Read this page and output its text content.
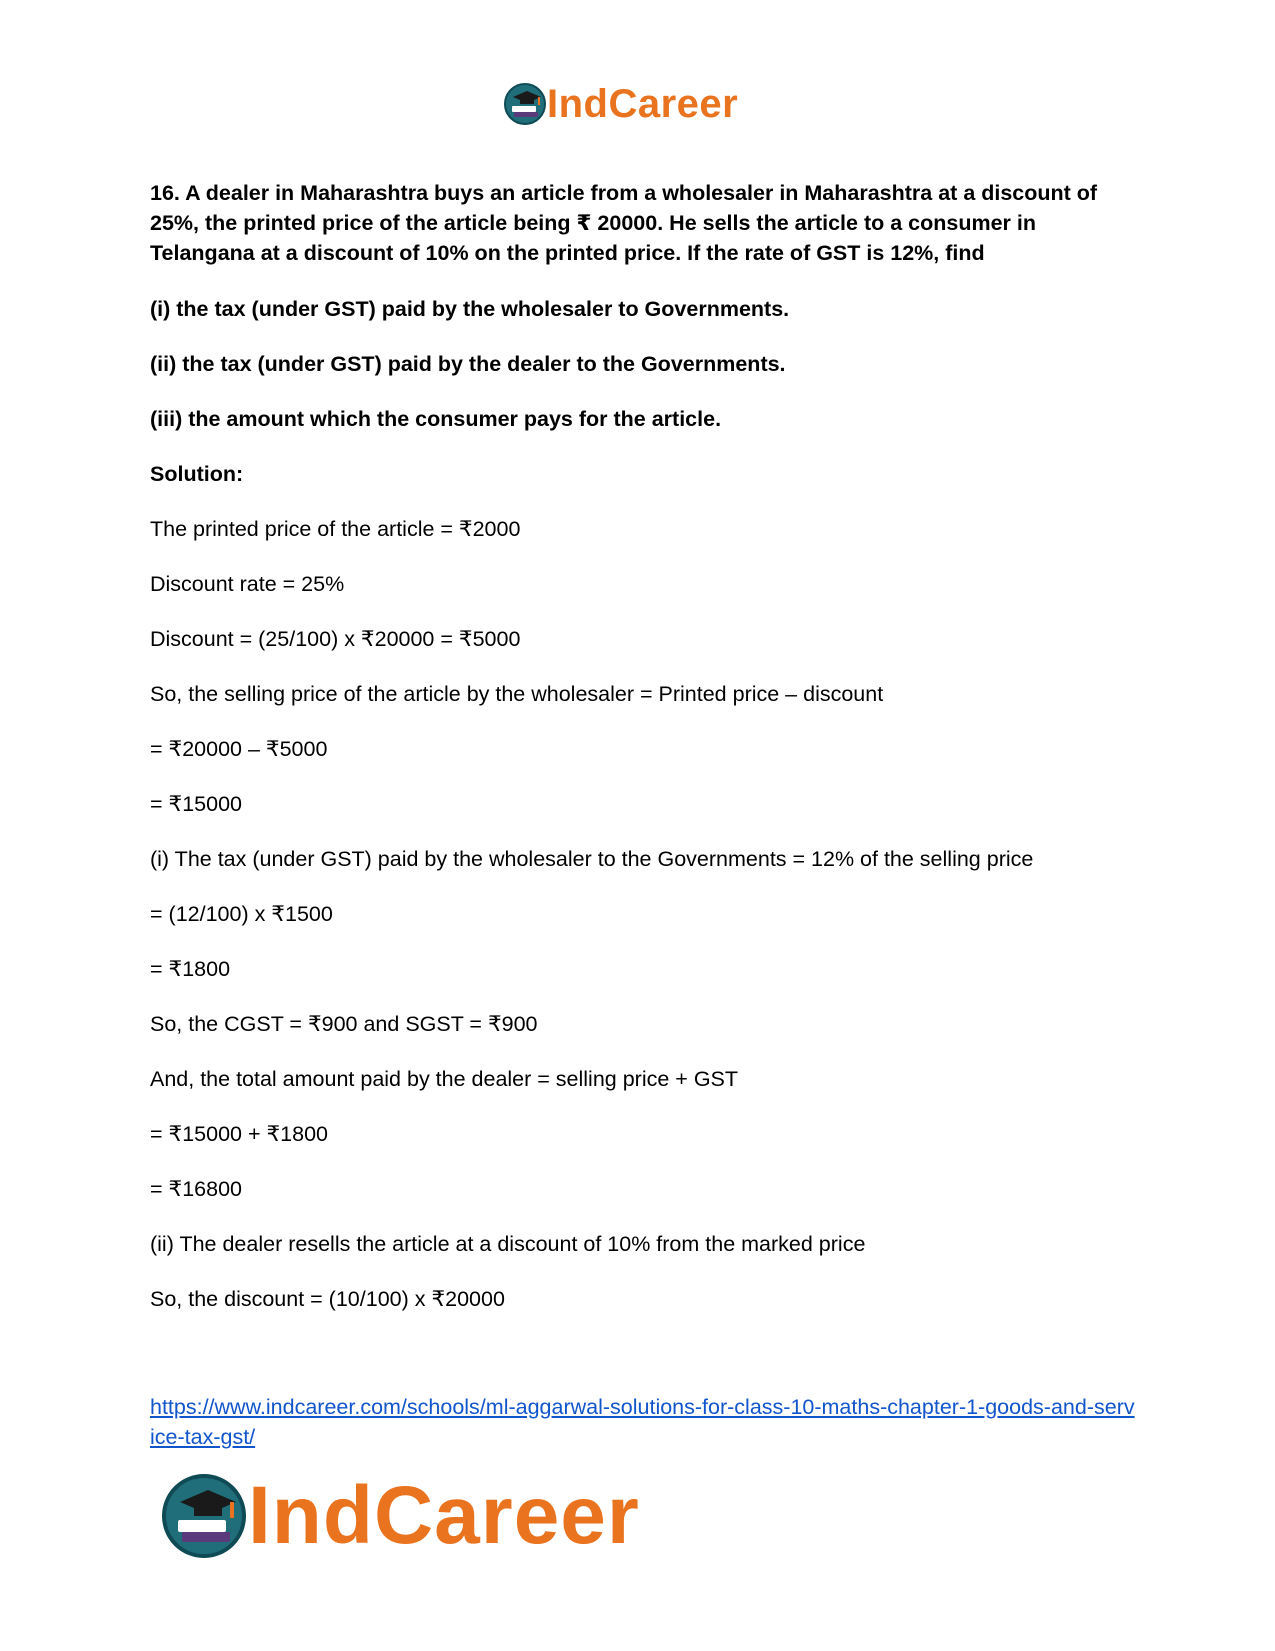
IndCareer
16. A dealer in Maharashtra buys an article from a wholesaler in Maharashtra at a discount of 25%, the printed price of the article being ₹ 20000. He sells the article to a consumer in Telangana at a discount of 10% on the printed price. If the rate of GST is 12%, find
(i) the tax (under GST) paid by the wholesaler to Governments.
(ii) the tax (under GST) paid by the dealer to the Governments.
(iii) the amount which the consumer pays for the article.
Solution:
The printed price of the article = ₹2000
Discount rate = 25%
Discount = (25/100) x ₹20000 = ₹5000
So, the selling price of the article by the wholesaler = Printed price – discount
= ₹20000 – ₹5000
= ₹15000
(i) The tax (under GST) paid by the wholesaler to the Governments = 12% of the selling price
= (12/100) x ₹1500
= ₹1800
So, the CGST = ₹900 and SGST = ₹900
And, the total amount paid by the dealer = selling price + GST
= ₹15000 + ₹1800
= ₹16800
(ii) The dealer resells the article at a discount of 10% from the marked price
So, the discount = (10/100) x ₹20000
https://www.indcareer.com/schools/ml-aggarwal-solutions-for-class-10-maths-chapter-1-goods-and-service-tax-gst/
IndCareer
